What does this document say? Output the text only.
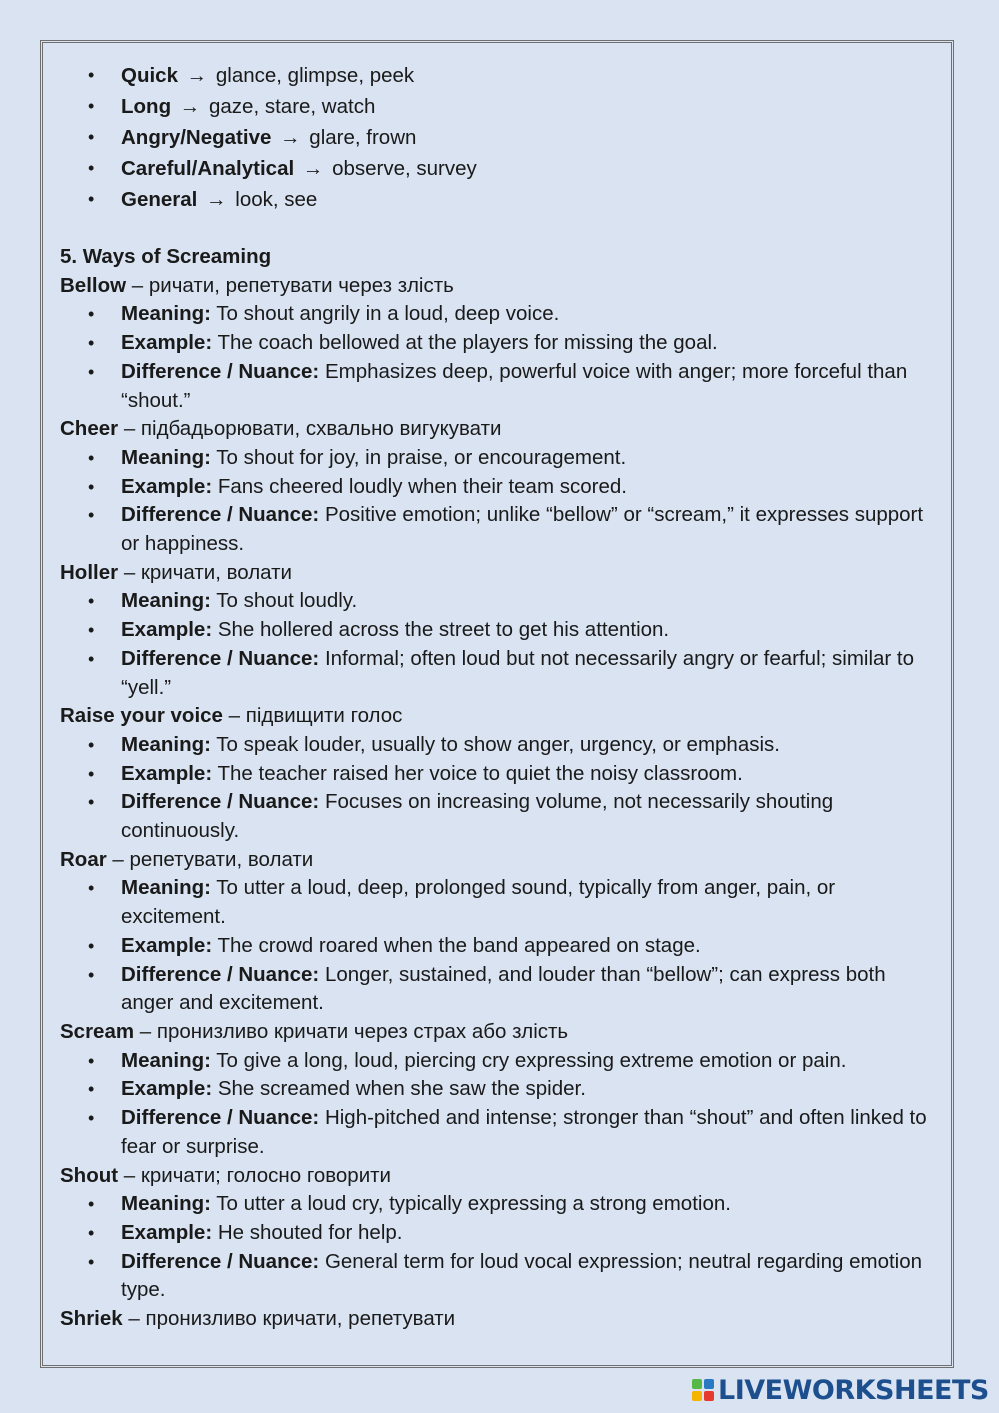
• Quick → glance, glimpse, peek
• Long → gaze, stare, watch
• Angry/Negative → glare, frown
• Careful/Analytical → observe, survey
• General → look, see
5. Ways of Screaming
Bellow – ричати, репетувати через злість
• Meaning: To shout angrily in a loud, deep voice.
• Example: The coach bellowed at the players for missing the goal.
• Difference / Nuance: Emphasizes deep, powerful voice with anger; more forceful than “shout.”
Cheer – підбадьорювати, схвально вигукувати
• Meaning: To shout for joy, in praise, or encouragement.
• Example: Fans cheered loudly when their team scored.
• Difference / Nuance: Positive emotion; unlike “bellow” or “scream,” it expresses support or happiness.
Holler – кричати, волати
• Meaning: To shout loudly.
• Example: She hollered across the street to get his attention.
• Difference / Nuance: Informal; often loud but not necessarily angry or fearful; similar to “yell.”
Raise your voice – підвищити голос
• Meaning: To speak louder, usually to show anger, urgency, or emphasis.
• Example: The teacher raised her voice to quiet the noisy classroom.
• Difference / Nuance: Focuses on increasing volume, not necessarily shouting continuously.
Roar – репетувати, волати
• Meaning: To utter a loud, deep, prolonged sound, typically from anger, pain, or excitement.
• Example: The crowd roared when the band appeared on stage.
• Difference / Nuance: Longer, sustained, and louder than “bellow”; can express both anger and excitement.
Scream – пронизливо кричати через страх або злість
• Meaning: To give a long, loud, piercing cry expressing extreme emotion or pain.
• Example: She screamed when she saw the spider.
• Difference / Nuance: High-pitched and intense; stronger than “shout” and often linked to fear or surprise.
Shout – кричати; голосно говорити
• Meaning: To utter a loud cry, typically expressing a strong emotion.
• Example: He shouted for help.
• Difference / Nuance: General term for loud vocal expression; neutral regarding emotion type.
Shriek – пронизливо кричати, репетувати
LIVEWORKSHEETS
